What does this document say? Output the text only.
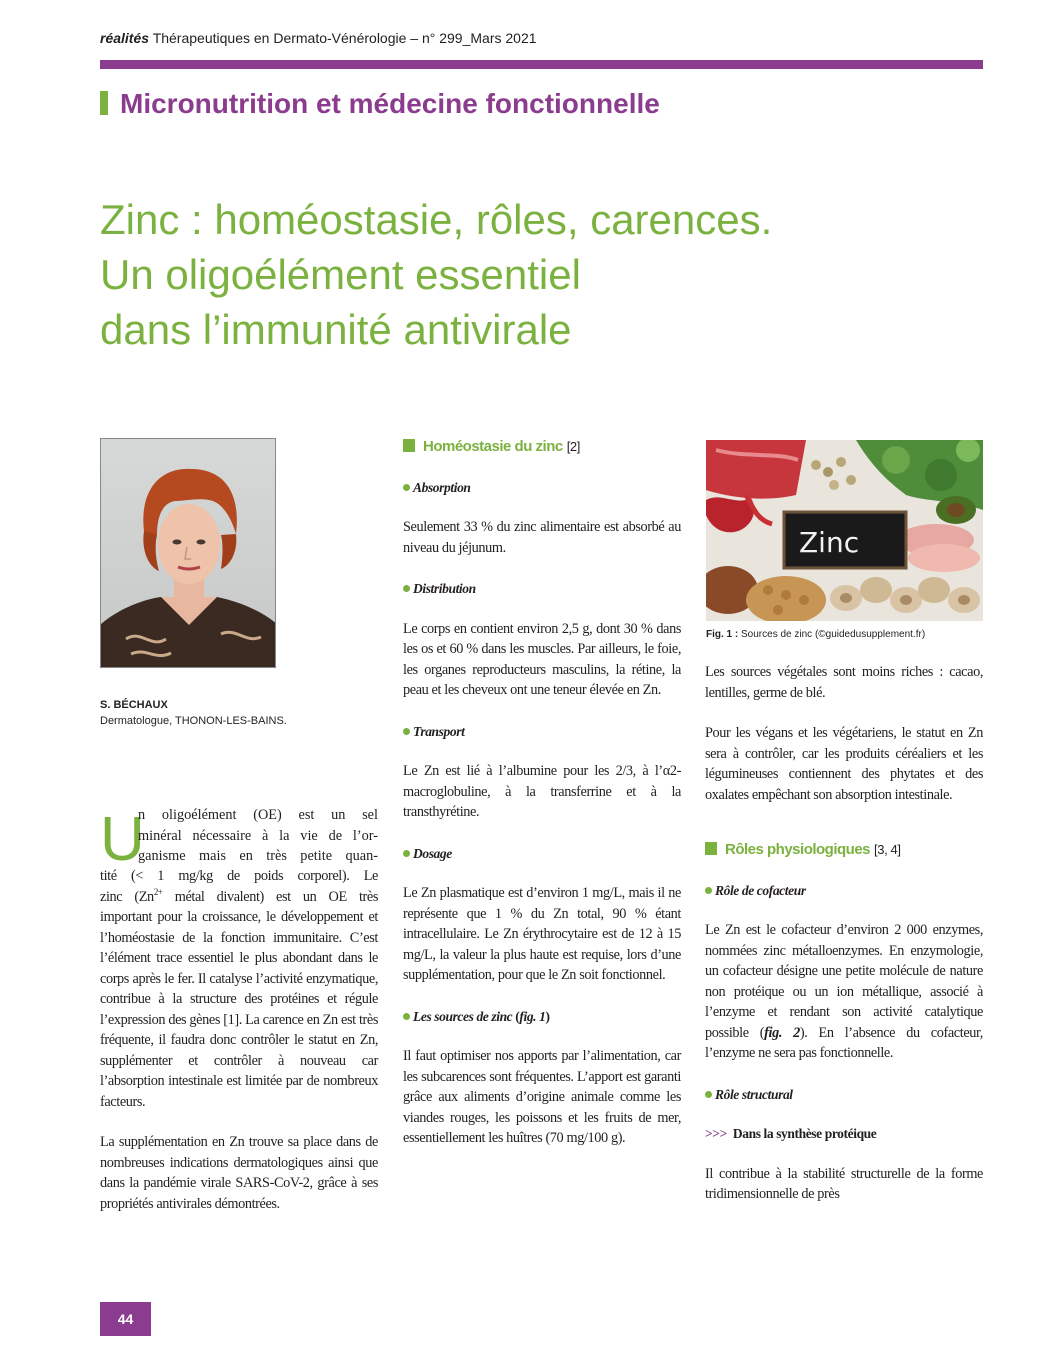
réalités Thérapeutiques en Dermato-Vénérologie – n° 299_Mars 2021
Micronutrition et médecine fonctionnelle
Zinc : homéostasie, rôles, carences.
Un oligoélément essentiel
dans l’immunité antivirale
S. BÉCHAUX
Dermatologue, THONON-LES-BAINS.
U

n oligoélément (OE) est un sel

minéral nécessaire à la vie de l’or-

ganisme mais en très petite quan-

tité (< 1 mg/kg de poids corporel). Le

zinc ($Zn^{2+}$ métal divalent) est un OE très

important pour la croissance, le développement et l’homéostasie de la fonction immunitaire. C’est l’élément trace essentiel le plus abondant dans le corps après le fer. Il catalyse l’activité enzymatique, contribue à la structure des protéines et régule l’expression des gènes [1]. La carence en Zn est très fréquente, il faudra donc contrôler le statut en Zn, supplémenter et contrôler à nouveau car l’absorption intestinale est limitée par de nombreux facteurs.

La supplémentation en Zn trouve sa place dans de nombreuses indications dermatologiques ainsi que dans la pandémie virale SARS-CoV-2, grâce à ses propriétés antivirales démontrées.

Homéostasie du zinc [2]
Absorption

Seulement 33 % du zinc alimentaire est absorbé au niveau du jéjunum.

Distribution

Le corps en contient environ 2,5 g, dont 30 % dans les os et 60 % dans les muscles. Par ailleurs, le foie, les organes reproducteurs masculins, la rétine, la peau et les cheveux ont une teneur élevée en Zn.

Transport

Le Zn est lié à l’albumine pour les 2/3, à l’α2-macroglobuline, à la transferrine et à la transthyrétine.

Dosage

Le Zn plasmatique est d’environ 1 mg/L, mais il ne représente que 1 % du Zn total, 90 % étant intracellulaire. Le Zn érythrocytaire est de 12 à 15 mg/L, la valeur la plus haute est requise, lors d’une supplémentation, pour que le Zn soit fonctionnel.

Les sources de zinc (fig. 1)

Il faut optimiser nos apports par l’alimentation, car les subcarences sont fréquentes. L’apport est garanti grâce aux aliments d’origine animale comme les viandes rouges, les poissons et les fruits de mer, essentiellement les huîtres (70 mg/100 g).

Zinc
Fig. 1 : Sources de zinc (©guidedusupplement.fr)

Les sources végétales sont moins riches : cacao, lentilles, germe de blé.

Pour les végans et les végétariens, le statut en Zn sera à contrôler, car les produits céréaliers et les légumineuses contiennent des phytates et des oxalates empêchant son absorption intestinale.

Rôles physiologiques [3, 4]
Rôle de cofacteur

Le Zn est le cofacteur d’environ 2 000 enzymes, nommées zinc métalloenzymes. En enzymologie, un cofacteur désigne une petite molécule de nature non protéique ou un ion métallique, associé à l’enzyme et rendant son activité catalytique possible (fig. 2). En l’absence du cofacteur, l’enzyme ne sera pas fonctionnelle.

Rôle structural
>>> Dans la synthèse protéique

Il contribue à la stabilité structurelle de la forme tridimensionnelle de près

44
